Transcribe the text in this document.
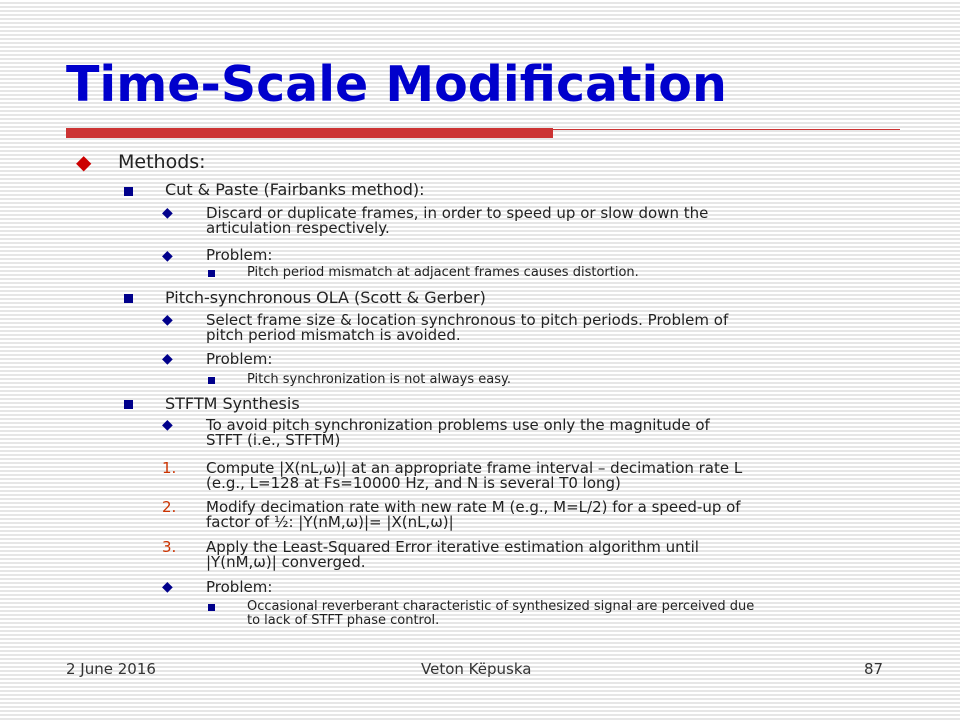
Time-Scale Modification
◆ Methods:
Cut & Paste (Fairbanks method):
◆ Discard or duplicate frames, in order to speed up or slow down the
articulation respectively.
◆ Problem:
Pitch period mismatch at adjacent frames causes distortion.
Pitch-synchronous OLA (Scott & Gerber)
◆ Select frame size & location synchronous to pitch periods. Problem of
pitch period mismatch is avoided.
◆ Problem:
Pitch synchronization is not always easy.
STFTM Synthesis
◆ To avoid pitch synchronization problems use only the magnitude of
STFT (i.e., STFTM)
1. Compute |X(nL,ω)| at an appropriate frame interval – decimation rate L
(e.g., L=128 at Fs=10000 Hz, and N is several T0 long)
2. Modify decimation rate with new rate M (e.g., M=L/2) for a speed-up of
factor of ½: |Y(nM,ω)|= |X(nL,ω)|
3. Apply the Least-Squared Error iterative estimation algorithm until
|Y(nM,ω)| converged.
◆ Problem:
Occasional reverberant characteristic of synthesized signal are perceived due
to lack of STFT phase control.
2 June 2016	Veton Këpuska	87
